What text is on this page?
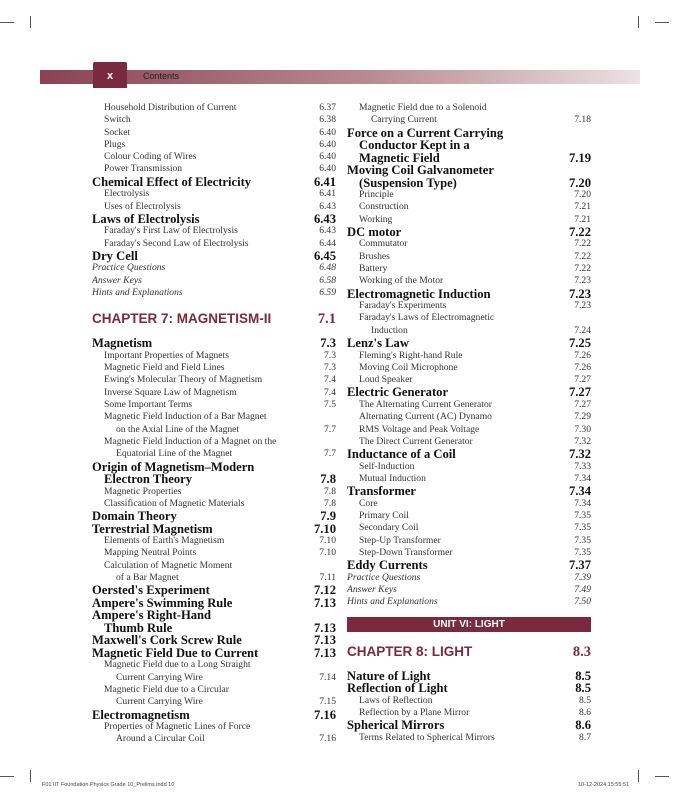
x	Contents
Household Distribution of Current	6.37
Switch	6.38
Socket	6.40
Plugs	6.40
Colour Coding of Wires	6.40
Power Transmission	6.40
Chemical Effect of Electricity	6.41
Electrolysis	6.41
Uses of Electrolysis	6.43
Laws of Electrolysis	6.43
Faraday's First Law of Electrolysis	6.43
Faraday's Second Law of Electrolysis	6.44
Dry Cell	6.45
Practice Questions	6.48
Answer Keys	6.58
Hints and Explanations	6.59
CHAPTER 7: MAGNETISM-II	7.1
Magnetism	7.3
Important Properties of Magnets	7.3
Magnetic Field and Field Lines	7.3
Ewing's Molecular Theory of Magnetism	7.4
Inverse Square Law of Magnetism	7.4
Some Important Terms	7.5
Magnetic Field Induction of a Bar Magnet
on the Axial Line of the Magnet	7.7
Magnetic Field Induction of a Magnet on the
Equatorial Line of the Magnet	7.7
Origin of Magnetism–Modern
Electron Theory	7.8
Magnetic Properties	7.8
Classification of Magnetic Materials	7.8
Domain Theory	7.9
Terrestrial Magnetism	7.10
Elements of Earth's Magnetism	7.10
Mapping Neutral Points	7.10
Calculation of Magnetic Moment
of a Bar Magnet	7.11
Oersted's Experiment	7.12
Ampere's Swimming Rule	7.13
Ampere's Right-Hand
Thumb Rule	7.13
Maxwell's Cork Screw Rule	7.13
Magnetic Field Due to Current	7.13
Magnetic Field due to a Long Straight
Current Carrying Wire	7.14
Magnetic Field due to a Circular
Current Carrying Wire	7.15
Electromagnetism	7.16
Properties of Magnetic Lines of Force
Around a Circular Coil	7.16
Magnetic Field due to a Solenoid
Carrying Current	7.18
Force on a Current Carrying
Conductor Kept in a
Magnetic Field	7.19
Moving Coil Galvanometer
(Suspension Type)	7.20
Principle	7.20
Construction	7.21
Working	7.21
DC motor	7.22
Commutator	7.22
Brushes	7.22
Battery	7.22
Working of the Motor	7.23
Electromagnetic Induction	7.23
Faraday's Experiments	7.23
Faraday's Laws of Electromagnetic
Induction	7.24
Lenz's Law	7.25
Fleming's Right-hand Rule	7.26
Moving Coil Microphone	7.26
Loud Speaker	7.27
Electric Generator	7.27
The Alternating Current Generator	7.27
Alternating Current (AC) Dynamo	7.29
RMS Voltage and Peak Voltage	7.30
The Direct Current Generator	7.32
Inductance of a Coil	7.32
Self-Induction	7.33
Mutual Induction	7.34
Transformer	7.34
Core	7.34
Primary Coil	7.35
Secondary Coil	7.35
Step-Up Transformer	7.35
Step-Down Transformer	7.35
Eddy Currents	7.37
Practice Questions	7.39
Answer Keys	7.49
Hints and Explanations	7.50
UNIT VI: LIGHT
CHAPTER 8: LIGHT	8.3
Nature of Light	8.5
Reflection of Light	8.5
Laws of Reflection	8.5
Reflection by a Plane Mirror	8.6
Spherical Mirrors	8.6
Terms Related to Spherical Mirrors	8.7
F01 IIT Foundation Physics Grade 10_Prelims.indd 10	10-12-2024 15:55:51
